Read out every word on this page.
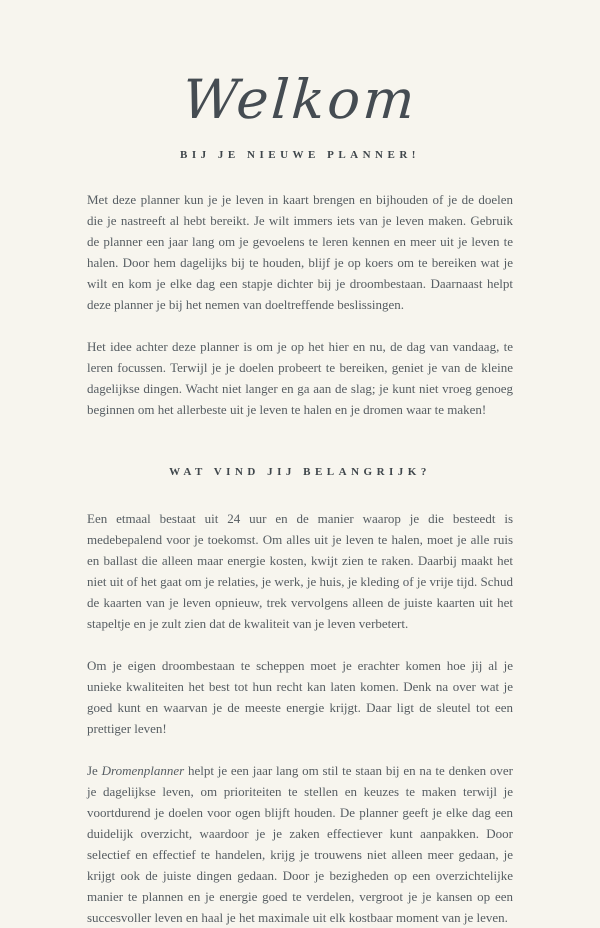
Welkom
BIJ JE NIEUWE PLANNER!

Met deze planner kun je je leven in kaart brengen en bijhouden of je de doelen die je nastreeft al hebt bereikt. Je wilt immers iets van je leven maken. Gebruik de planner een jaar lang om je gevoelens te leren kennen en meer uit je leven te halen. Door hem dagelijks bij te houden, blijf je op koers om te bereiken wat je wilt en kom je elke dag een stapje dichter bij je droombestaan. Daarnaast helpt deze planner je bij het nemen van doeltreffende beslissingen.

Het idee achter deze planner is om je op het hier en nu, de dag van vandaag, te leren focussen. Terwijl je je doelen probeert te bereiken, geniet je van de kleine dagelijkse dingen. Wacht niet langer en ga aan de slag; je kunt niet vroeg genoeg beginnen om het allerbeste uit je leven te halen en je dromen waar te maken!

WAT VIND JIJ BELANGRIJK?

Een etmaal bestaat uit 24 uur en de manier waarop je die besteedt is medebepalend voor je toekomst. Om alles uit je leven te halen, moet je alle ruis en ballast die alleen maar energie kosten, kwijt zien te raken. Daarbij maakt het niet uit of het gaat om je relaties, je werk, je huis, je kleding of je vrije tijd. Schud de kaarten van je leven opnieuw, trek vervolgens alleen de juiste kaarten uit het stapeltje en je zult zien dat de kwaliteit van je leven verbetert.

Om je eigen droombestaan te scheppen moet je erachter komen hoe jij al je unieke kwaliteiten het best tot hun recht kan laten komen. Denk na over wat je goed kunt en waarvan je de meeste energie krijgt. Daar ligt de sleutel tot een prettiger leven!

Je Dromenplanner helpt je een jaar lang om stil te staan bij en na te denken over je dagelijkse leven, om prioriteiten te stellen en keuzes te maken terwijl je voortdurend je doelen voor ogen blijft houden. De planner geeft je elke dag een duidelijk overzicht, waardoor je je zaken effectiever kunt aanpakken. Door selectief en effectief te handelen, krijg je trouwens niet alleen meer gedaan, je krijgt ook de juiste dingen gedaan. Door je bezigheden op een overzichtelijke manier te plannen en je energie goed te verdelen, vergroot je je kansen op een succesvoller leven en haal je het maximale uit elk kostbaar moment van je leven.
